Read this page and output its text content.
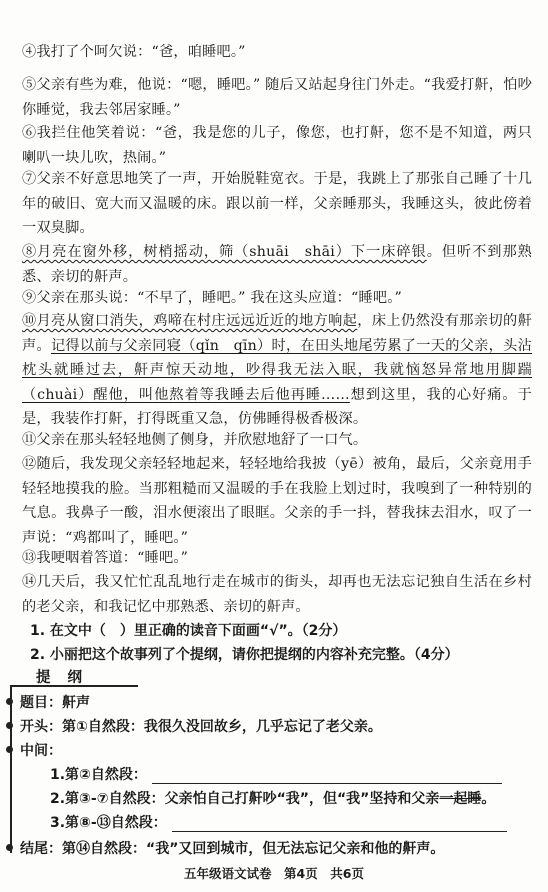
④我打了个呵欠说：“爸，咱睡吧。”

⑤父亲有些为难，他说：“嗯，睡吧。” 随后又站起身往门外走。“我爱打鼾，怕吵你睡觉，我去邻居家睡。”

⑥我拦住他笑着说：“爸，我是您的儿子，像您，也打鼾，您不是不知道，两只喇叭一块儿吹，热闹。”

⑦父亲不好意思地笑了一声，开始脱鞋宽衣。于是，我跳上了那张自己睡了十几年的破旧、宽大而又温暖的床。跟以前一样，父亲睡那头，我睡这头，彼此傍着一双臭脚。

⑧月亮在窗外移，树梢摇动，筛（shuāi　shāi）下一床碎银。但听不到那熟悉、亲切的鼾声。

⑨父亲在那头说：“不早了，睡吧。” 我在这头应道：“睡吧。”

⑩月亮从窗口消失，鸡啼在村庄远远近近的地方响起，床上仍然没有那亲切的鼾声。记得以前与父亲同寝（qǐn　qīn）时，在田头地尾劳累了一天的父亲，头沾枕头就睡过去，鼾声惊天动地，吵得我无法入眠，我就恼怒异常地用脚踹（chuài）醒他，叫他熬着等我睡去后他再睡……想到这里，我的心好痛。于是，我装作打鼾，打得既重又急，仿佛睡得极香极深。

⑪父亲在那头轻轻地侧了侧身，并欣慰地舒了一口气。

⑫随后，我发现父亲轻轻地起来，轻轻地给我披（yē）被角，最后，父亲竟用手轻轻地摸我的脸。当那粗糙而又温暖的手在我脸上划过时，我嗅到了一种特别的气息。我鼻子一酸，泪水便滚出了眼眶。父亲的手一抖，替我抹去泪水，叹了一声说：“鸡都叫了，睡吧。”

⑬我哽咽着答道：“睡吧。”

⑭几天后，我又忙忙乱乱地行走在城市的街头，却再也无法忘记独自生活在乡村的老父亲，和我记忆中那熟悉、亲切的鼾声。

1. 在文中（　）里正确的读音下面画“√”。（2分）

2. 小丽把这个故事列了个提纲，请你把提纲的内容补充完整。（4分）

提 纲
题目：鼾声
开头：第①自然段：我很久没回故乡，几乎忘记了老父亲。
中间：
1.第②自然段：
2.第③-⑦自然段：父亲怕自己打鼾吵“我”，但“我”坚持和父亲一起睡。
3.第⑧-⑬自然段：
结尾：第⑭自然段：“我”又回到城市，但无法忘记父亲和他的鼾声。
五年级语文试卷　第4页　共6页
